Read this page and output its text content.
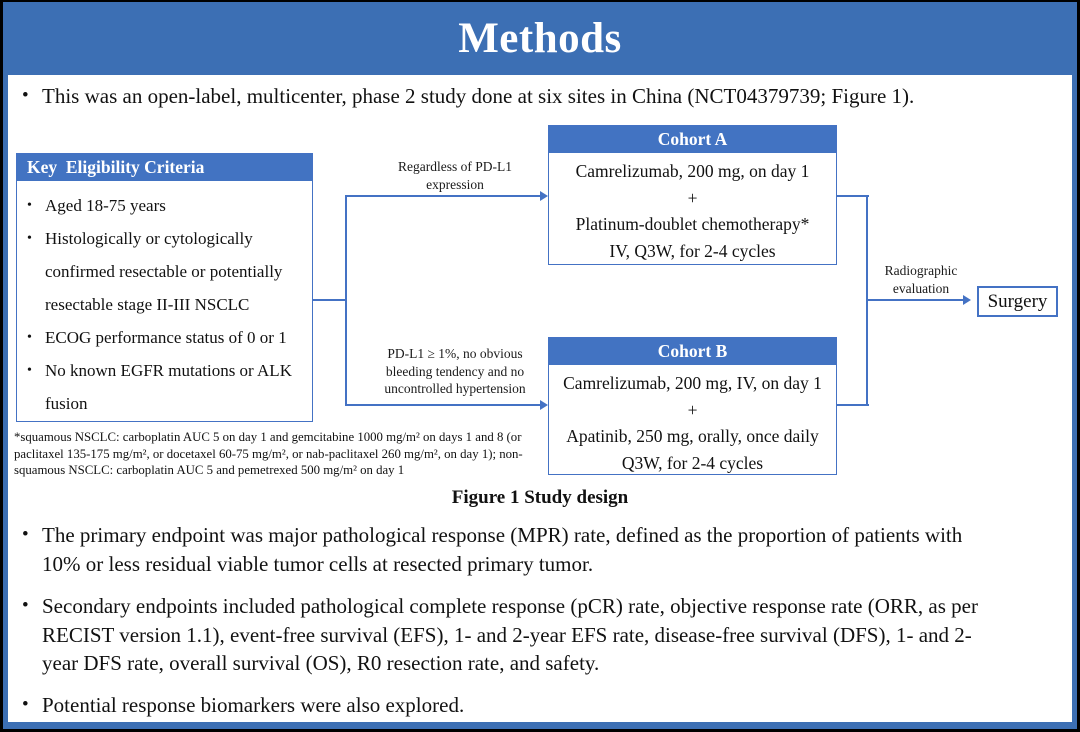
Methods
• This was an open-label, multicenter, phase 2 study done at six sites in China (NCT04379739; Figure 1).
Key  Eligibility Criteria
• Aged 18-75 years
• Histologically or cytologically confirmed resectable or potentially resectable stage II-III NSCLC
• ECOG performance status of 0 or 1
• No known EGFR mutations or ALK fusion
Regardless of PD-L1 expression
PD-L1 ≥ 1%, no obvious bleeding tendency and no uncontrolled hypertension
Radiographic evaluation
Cohort A
Camrelizumab, 200 mg, on day 1
+
Platinum-doublet chemotherapy*
IV, Q3W, for 2-4 cycles
Cohort B
Camrelizumab, 200 mg, IV, on day 1
+
Apatinib, 250 mg, orally, once daily
Q3W, for 2-4 cycles
Surgery
*squamous NSCLC: carboplatin AUC 5 on day 1 and gemcitabine 1000 mg/m² on days 1 and 8 (or paclitaxel 135-175 mg/m², or docetaxel 60-75 mg/m², or nab-paclitaxel 260 mg/m², on day 1); non-squamous NSCLC: carboplatin AUC 5 and pemetrexed 500 mg/m² on day 1
Figure 1 Study design
• The primary endpoint was major pathological response (MPR) rate, defined as the proportion of patients with 10% or less residual viable tumor cells at resected primary tumor.
• Secondary endpoints included pathological complete response (pCR) rate, objective response rate (ORR, as per RECIST version 1.1), event-free survival (EFS), 1- and 2-year EFS rate, disease-free survival (DFS), 1- and 2-year DFS rate, overall survival (OS), R0 resection rate, and safety.
• Potential response biomarkers were also explored.
